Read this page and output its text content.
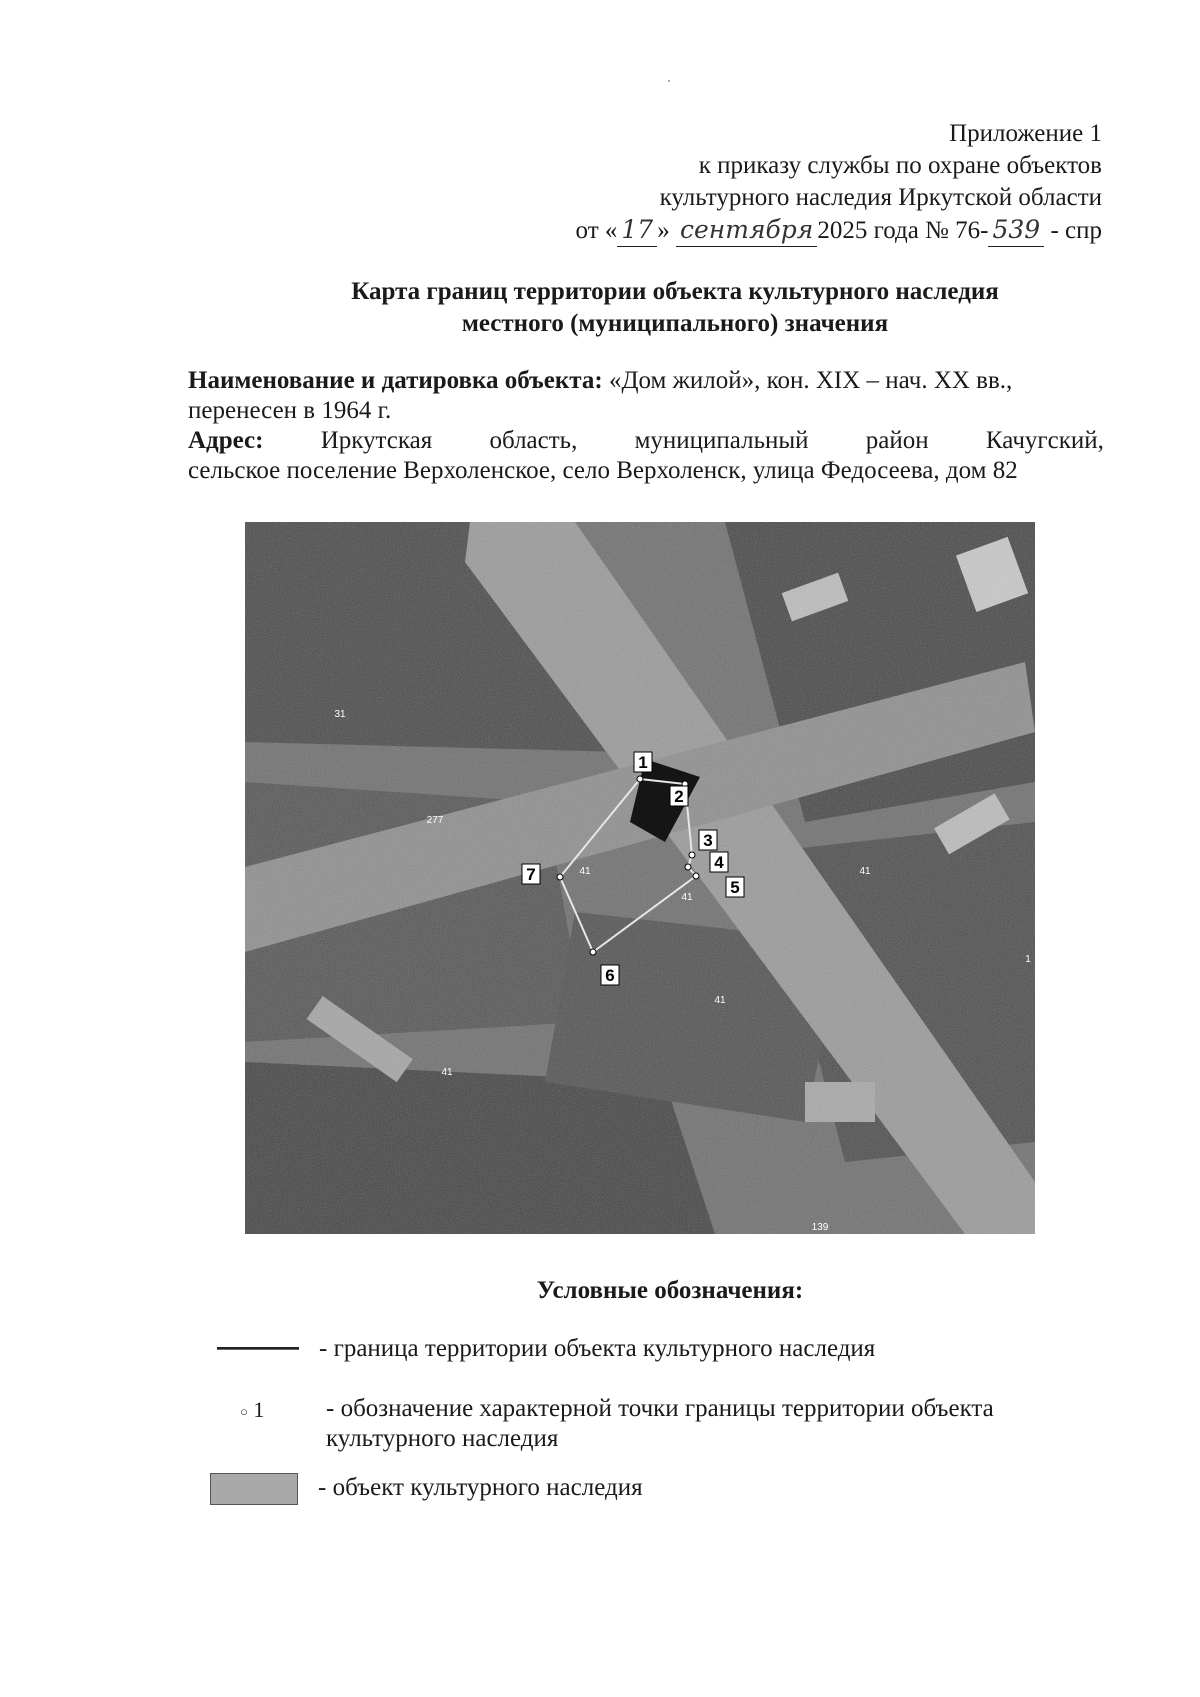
Приложение 1
к приказу службы по охране объектов
культурного наследия Иркутской области
от « 17 » сентября 2025 года № 76- 539 - спр
Карта границ территории объекта культурного наследия
местного (муниципального) значения
Наименование и датировка объекта: «Дом жилой», кон. XIX – нач. XX вв.,
перенесен в 1964 г.
Адрес: Иркутская область, муниципальный район Качугский,
сельское поселение Верхоленское, село Верхоленск, улица Федосеева, дом 82
1
2
3
4
5
6
7
31
277
41
41
41
41
41
139
1
Условные обозначения:
- граница территории объекта культурного наследия
○ 1 - обозначение характерной точки границы территории объекта
культурного наследия
- объект культурного наследия
